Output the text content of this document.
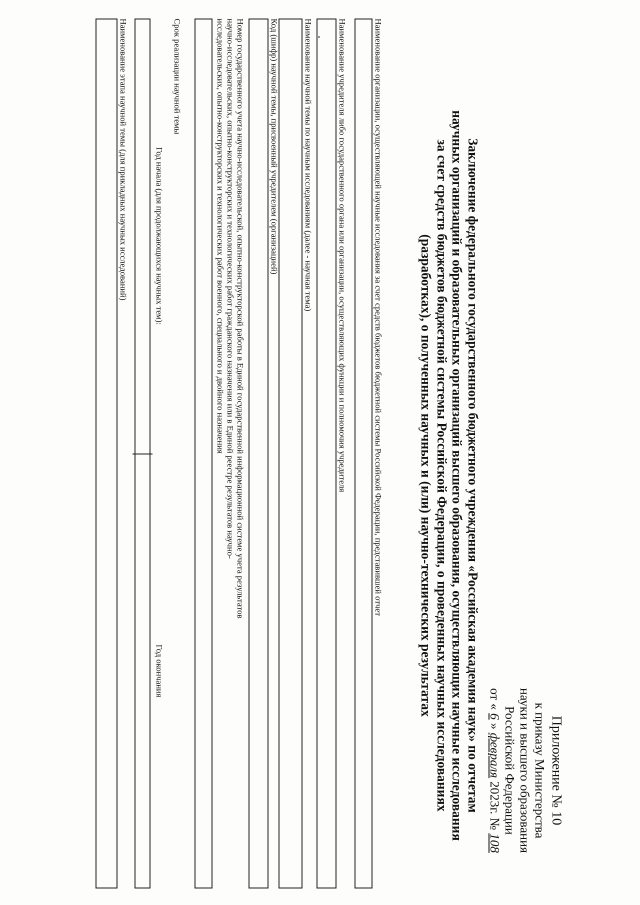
Приложение № 10
к приказу Министерства
науки и высшего образования
Российской Федерации
от « 6 » февраля 2023г. № 108
Заключение федерального государственного бюджетного учреждения «Российская академия наук» по отчетам
научных организаций и образовательных организаций высшего образования, осуществляющих научные исследования
за счет средств бюджетов бюджетной системы Российской Федерации, о проведенных научных исследованиях
(разработках), о полученных научных и (или) научно-технических результатах
Наименование организации, осуществляющей научные исследования за счет средств бюджетов бюджетной системы Российской Федерации, представившей отчет
Наименование учредителя либо государственного органа или организации, осуществляющих функции и полномочия учредителя
Наименование научной темы по научным исследованиям (далее - научная тема)
Код (шифр) научной темы, присвоенный учредителем (организацией)
Номер государственного учета научно-исследовательской, опытно-конструкторской работы в Единой государственной информационной системе учета результатов
научно-исследовательских, опытно-конструкторских и технологических работ гражданского назначения или в Единой реестре результатов научно-
исследовательских, опытно-конструкторских и технологических работ военного, специального и двойного назначения
Срок реализации научной темы
Год начала (для продолжающихся научных тем):
Год окончания
Наименование этапа научной темы (для прикладных научных исследований)
